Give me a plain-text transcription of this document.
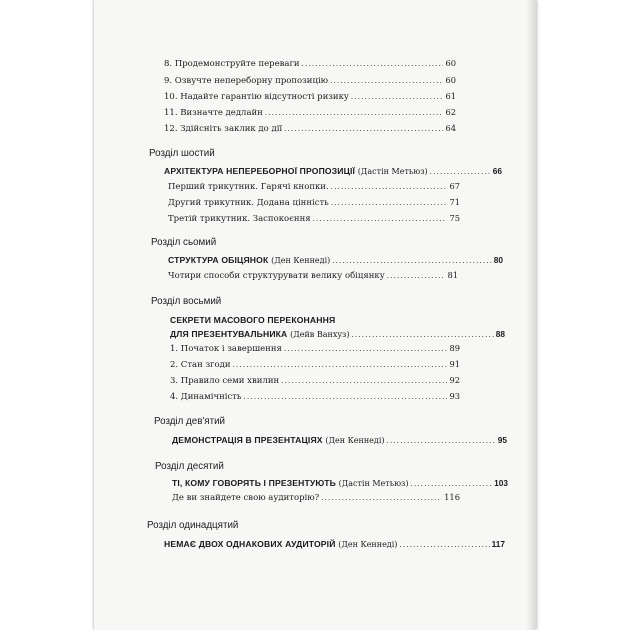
8. Продемонструйте переваги .....	60
9. Озвучте непереборну пропозицію .....	60
10. Надайте гарантію відсутності ризику .....	61
11. Визначте дедлайн .....	62
12. Здійсніть заклик до дії .....	64
Розділ шостий
АРХІТЕКТУРА НЕПЕРЕБОРНОЇ ПРОПОЗИЦІЇ (Дастін Метьюз) .....	66
Перший трикутник. Гарячі кнопки. .....	67
Другий трикутник. Додана цінність .....	71
Третій трикутник. Заспокоєння .....	75
Розділ сьомий
СТРУКТУРА ОБІЦЯНОК (Ден Кеннеді) .....	80
Чотири способи структурувати велику обіцянку .....	81
Розділ восьмий
СЕКРЕТИ МАСОВОГО ПЕРЕКОНАННЯ
ДЛЯ ПРЕЗЕНТУВАЛЬНИКА (Дейв Ванхуз) .....	88
1. Початок і завершення .....	89
2. Стан згоди .....	91
3. Правило семи хвилин .....	92
4. Динамічність .....	93
Розділ дев'ятий
ДЕМОНСТРАЦІЯ В ПРЕЗЕНТАЦІЯХ (Ден Кеннеді) .....	95
Розділ десятий
ТІ, КОМУ ГОВОРЯТЬ І ПРЕЗЕНТУЮТЬ (Дастін Метьюз) .....	103
Де ви знайдете свою аудиторію? .....	116
Розділ одинадцятий
НЕМАЄ ДВОХ ОДНАКОВИХ АУДИТОРІЙ (Ден Кеннеді) .....	117
